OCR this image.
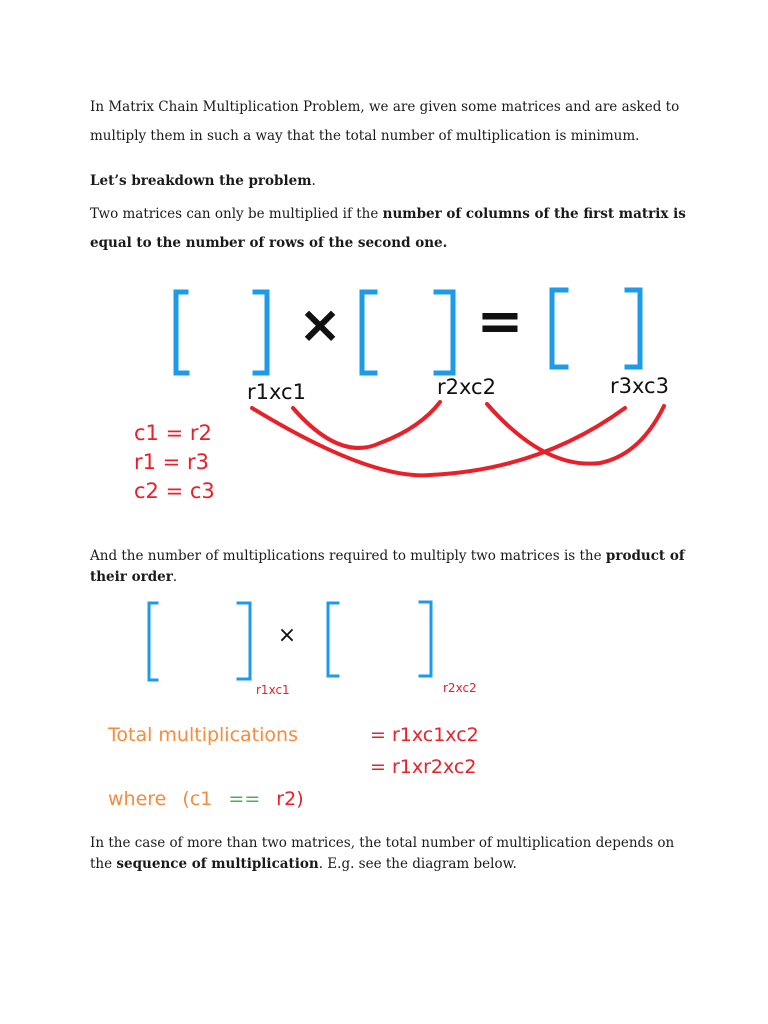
In Matrix Chain Multiplication Problem, we are given some matrices and are asked to multiply them in such a way that the total number of multiplication is minimum.

Let’s breakdown the problem.

Two matrices can only be multiplied if the number of columns of the first matrix is equal to the number of rows of the second one.

× =
r1xc1	r2xc2	r3xc3
c1 = r2
r1 = r3
c2 = c3

And the number of multiplications required to multiply two matrices is the product of their order.

×
r1xc1	r2xc2
Total multiplications	= r1xc1xc2
= r1xr2xc2
where (c1 == r2)

In the case of more than two matrices, the total number of multiplication depends on the sequence of multiplication. E.g. see the diagram below.
